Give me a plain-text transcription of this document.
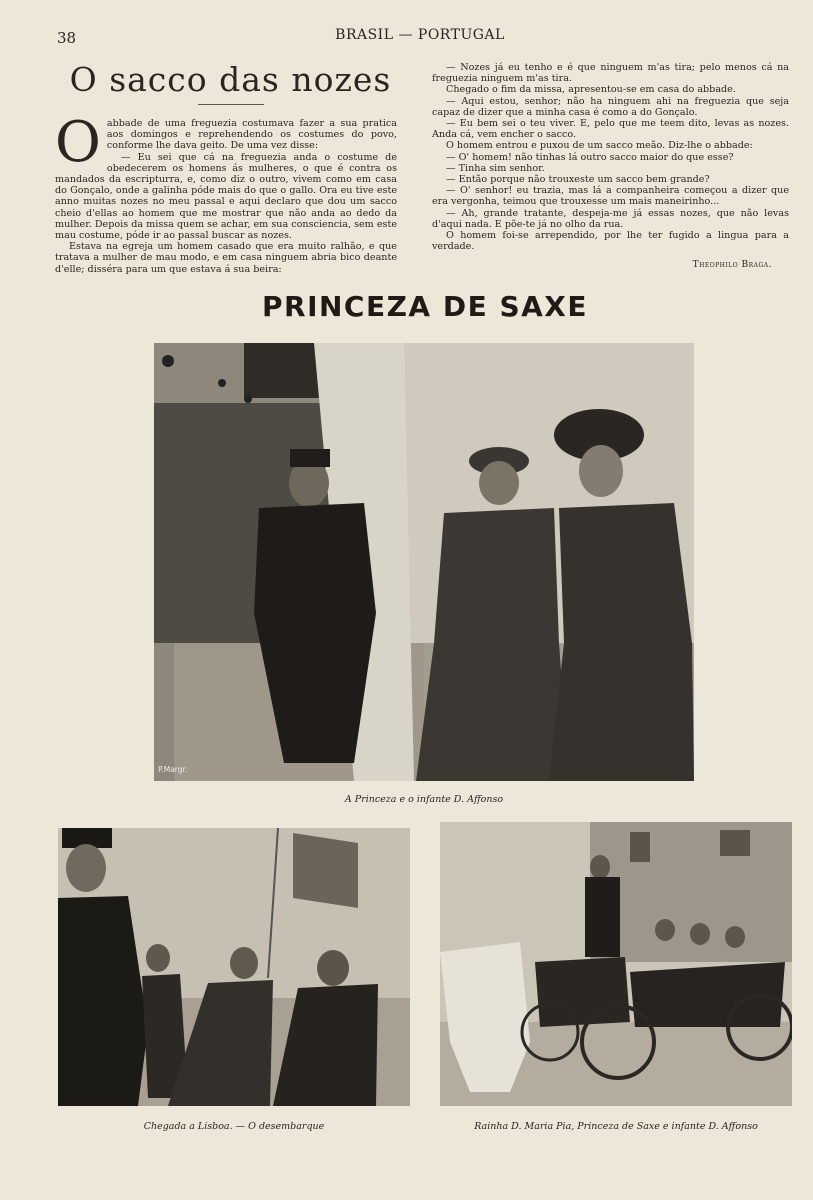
38	BRASIL — PORTUGAL
O sacco das nozes
O abbade de uma freguezia costumava fazer a sua pratica aos domingos e reprehendendo os costumes do povo, conforme lhe dava geito. De uma vez disse:

— Eu sei que cá na freguezia anda o costume de obedecerem os homens ás mulheres, o que é contra os mandados da escripturra, e, como diz o outro, vivem como em casa do Gonçalo, onde a galinha póde mais do que o gallo. Ora eu tive este anno muitas nozes no meu passal e aqui declaro que dou um sacco cheio d'ellas ao homem que me mostrar que não anda ao dedo da mulher. Depois da missa quem se achar, em sua consciencia, sem este mau costume, póde ir ao passal buscar as nozes.

Estava na egreja um homem casado que era muito ralhão, e que tratava a mulher de mau modo, e em casa ninguem abria bico deante d'elle; disséra para um que estava á sua beira:

— Nozes já eu tenho e é que ninguem m'as tira; pelo menos cá na freguezia ninguem m'as tira.

Chegado o fim da missa, apresentou-se em casa do abbade.

— Aqui estou, senhor; não ha ninguem ahi na freguezia que seja capaz de dizer que a minha casa é como a do Gonçalo.

— Eu bem sei o teu viver. E, pelo que me teem dito, levas as nozes. Anda cá, vem encher o sacco.

O homem entrou e puxou de um sacco meão. Diz-lhe o abbade:

— O' homem! não tinhas lá outro sacco maior do que esse?

— Tinha sim senhor.

— Então porque não trouxeste um sacco bem grande?

— O' senhor! eu trazia, mas lá a companheira começou a dizer que era vergonha, teimou que trouxesse um mais maneirinho...

— Ah, grande tratante, despeja-me já essas nozes, que não levas d'aqui nada. E põe-te já no olho da rua.

O homem foi-se arrependido, por lhe ter fugido a lingua para a verdade.

Theophilo Braga.
PRINCEZA DE SAXE
P.Margr.
A Princeza e o infante D. Affonso
Chegada a Lisboa. — O desembarque	Rainha D. Maria Pia, Princeza de Saxe e infante D. Affonso
